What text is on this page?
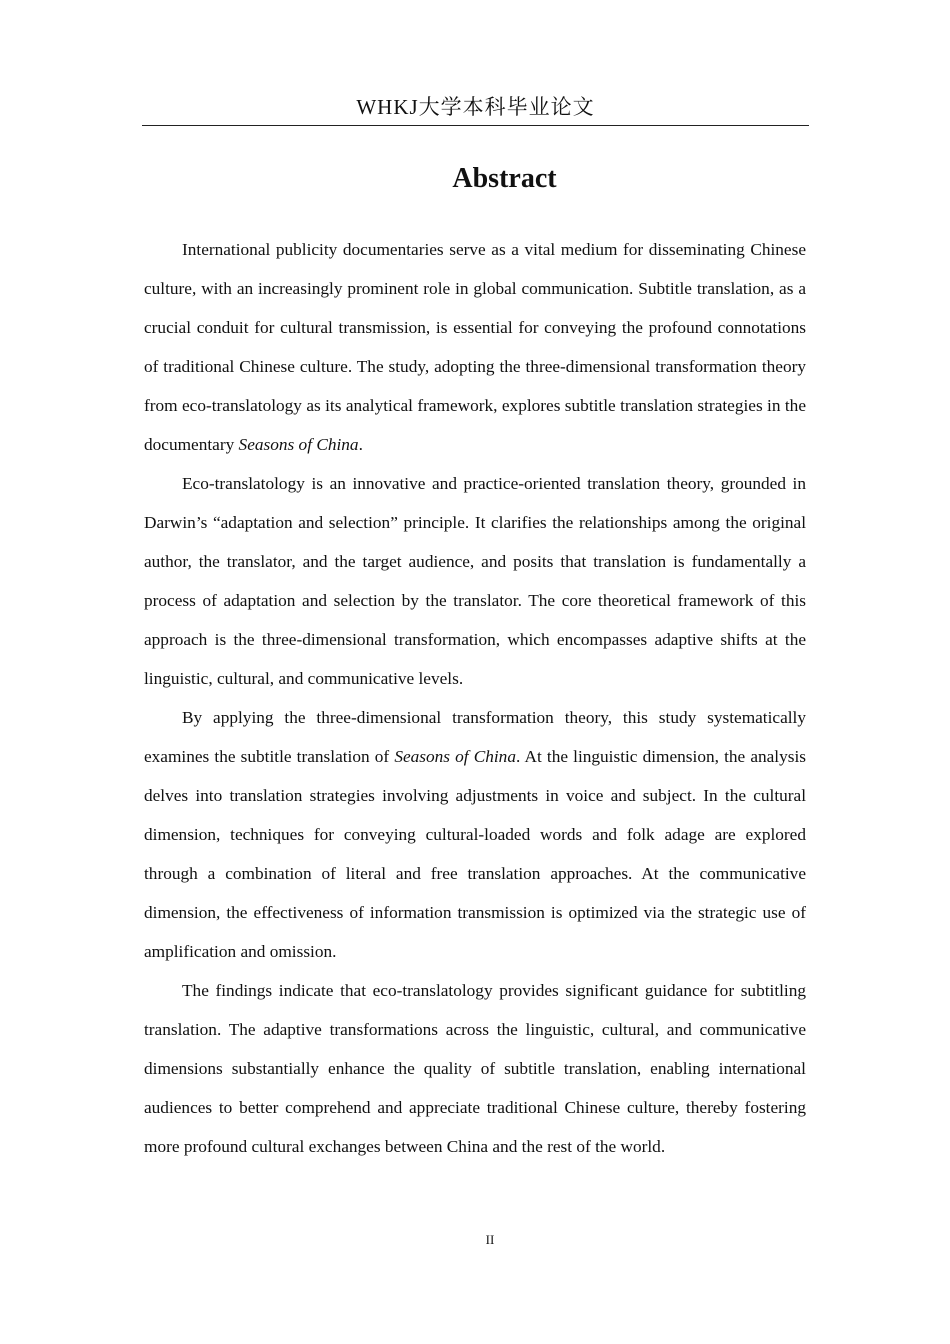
WHKJ大学本科毕业论文
Abstract

International publicity documentaries serve as a vital medium for disseminating Chinese culture, with an increasingly prominent role in global communication. Subtitle translation, as a crucial conduit for cultural transmission, is essential for conveying the profound connotations of traditional Chinese culture. The study, adopting the three-dimensional transformation theory from eco-translatology as its analytical framework, explores subtitle translation strategies in the documentary Seasons of China.

Eco-translatology is an innovative and practice-oriented translation theory, grounded in Darwin’s “adaptation and selection” principle. It clarifies the relationships among the original author, the translator, and the target audience, and posits that translation is fundamentally a process of adaptation and selection by the translator. The core theoretical framework of this approach is the three-dimensional transformation, which encompasses adaptive shifts at the linguistic, cultural, and communicative levels.

By applying the three-dimensional transformation theory, this study systematically examines the subtitle translation of Seasons of China. At the linguistic dimension, the analysis delves into translation strategies involving adjustments in voice and subject. In the cultural dimension, techniques for conveying cultural-loaded words and folk adage are explored through a combination of literal and free translation approaches. At the communicative dimension, the effectiveness of information transmission is optimized via the strategic use of amplification and omission.

The findings indicate that eco-translatology provides significant guidance for subtitling translation. The adaptive transformations across the linguistic, cultural, and communicative dimensions substantially enhance the quality of subtitle translation, enabling international audiences to better comprehend and appreciate traditional Chinese culture, thereby fostering more profound cultural exchanges between China and the rest of the world.

II
